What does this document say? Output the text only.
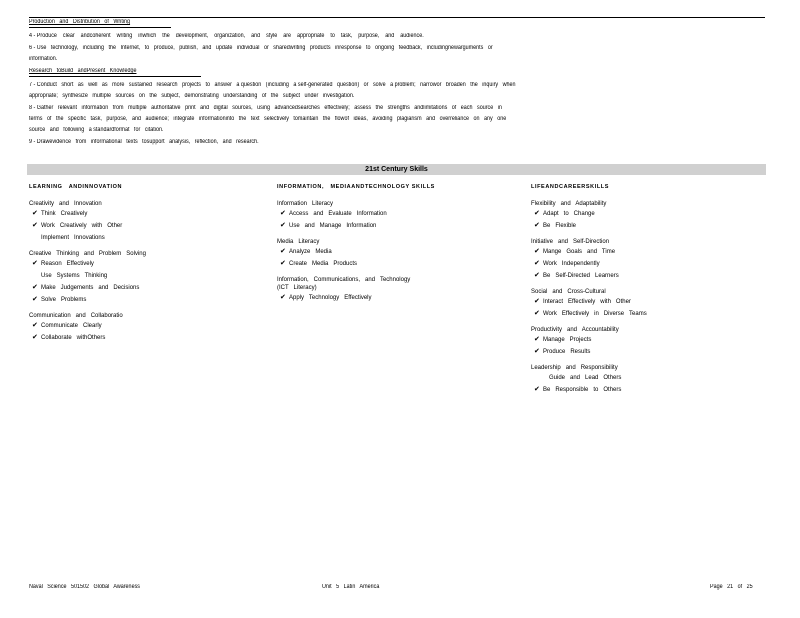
Production   and   Distribution   of   Writing
4 - Produce    clear    andcoherent    writing    inwhich    the    development,    organization,    and    style    are    appropriate    to    task,    purpose,    and    audience.
6 - Use   technology,   including   the   Internet,   to   produce,   publish,   and   update   individual   or   sharedwriting   products   inresponse   to   ongoing   feedback,   includingnewarguments   or
information.
Research   toBuild   andPresent   Knowledge
7 - Conduct   short   as   well   as   more   sustained   research   projects   to   answer   a question   (including   a self-generated   question)   or   solve   a problem;   narrowor   broaden   the   inquiry   when
appropriate;   synthesize   multiple   sources   on   the   subject,   demonstrating   understanding   of   the   subject   under   investigation.
8 - Gather   relevant   information   from   multiple   authoritative   print   and   digital   sources,   using   advancedsearches   effectively;   assess   the   strengths   andlimitations   of   each   source   in
terms   of   the   specific   task,   purpose,   and   audience;   integrate   informationinto   the   text   selectively   tomaintain   the   flowof   ideas,   avoiding   plagiarism   and   overreliance   on   any   one
source   and   following   a standardformat   for   citation.
9 - Drawevidence   from   informational   texts   tosupport   analysis,   reflection,   and   research.
21st Century Skills
LEARNING   ANDINNOVATION
Creativity   and   Innovation
✔ Think   Creatively
✔ Work   Creatively   with   Other
Implement   Innovations
Creative   Thinking   and   Problem   Solving
✔ Reason   Effectively
Use   Systems   Thinking
✔ Make   Judgements   and   Decisions
✔ Solve   Problems
Communication   and   Collaboratio
✔ Communicate   Clearly
✔ Collaborate   withOthers
INFORMATION,   MEDIAANDTECHNOLOGY SKILLS
Information   Literacy
✔ Access   and   Evaluate   Information
✔ Use   and   Manage   Information
Media   Literacy
✔ Analyze   Media
✔ Create   Media   Products
Information,   Communications,   and   Technology
(ICT   Literacy)
✔ Apply   Technology   Effectively
LIFEANDCAREERSKILLS
Flexibility   and   Adaptability
✔ Adapt   to   Change
✔ Be   Flexible
Initiative   and   Self-Direction
✔ Mange   Goals   and   Time
✔ Work   Independently
✔ Be   Self-Directed   Learners
Social   and   Cross-Cultural
✔ Interact   Effectively   with   Other
✔ Work   Effectively   in   Diverse   Teams
Productivity   and   Accountability
✔ Manage   Projects
✔ Produce   Results
Leadership   and   Responsibility
Guide   and   Lead   Others
✔ Be   Responsible   to   Others
Naval   Science   501502   Global   Awareness	Unit   5   Latin   America	Page   21   of   25
